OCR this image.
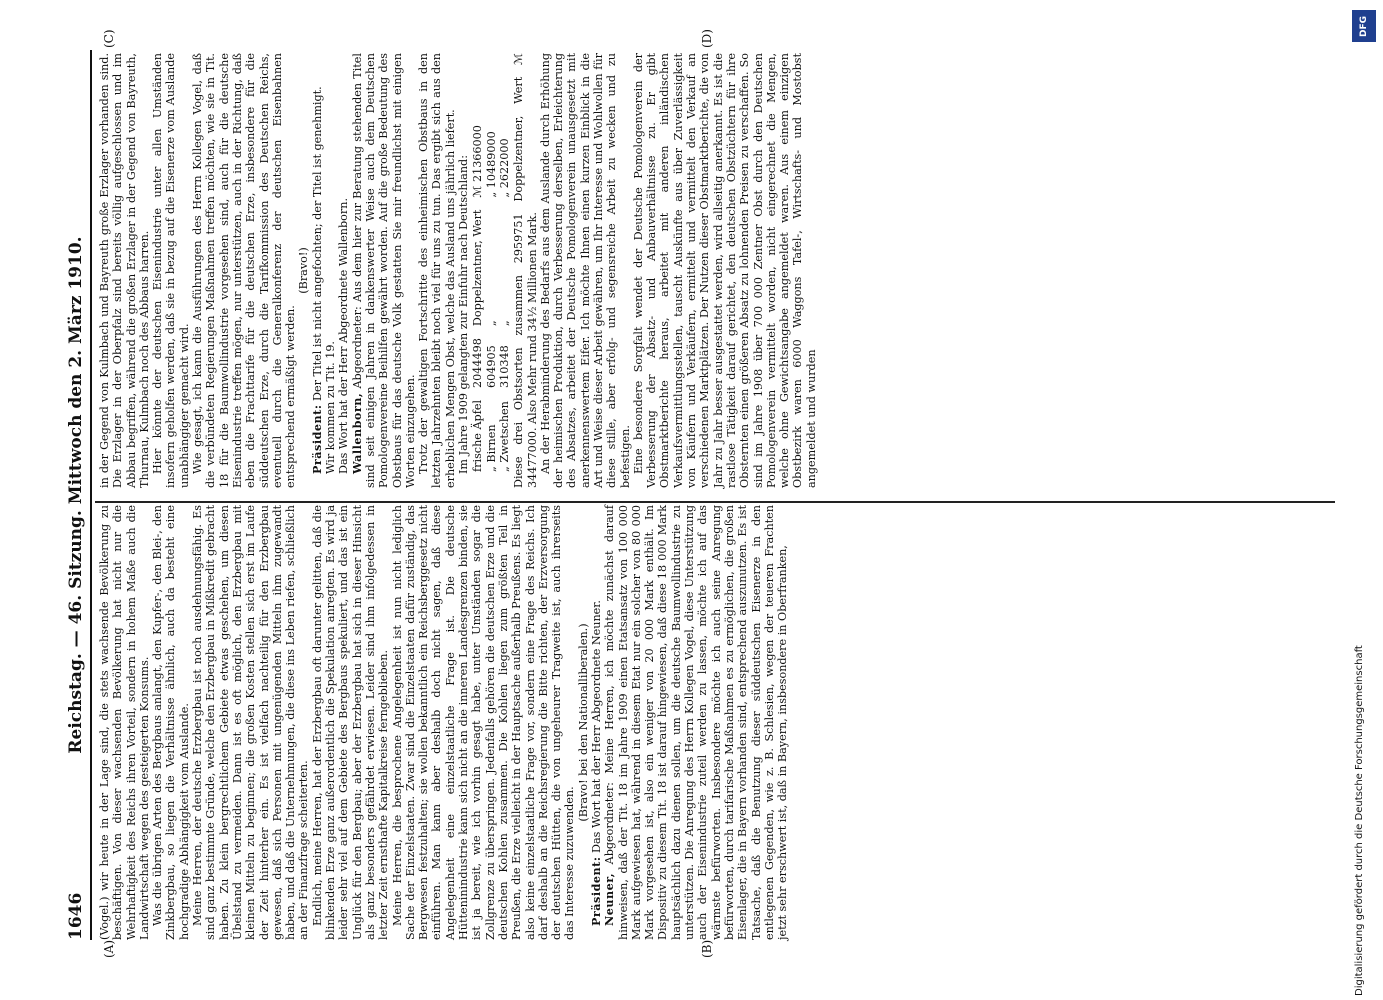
1646
Reichstag. — 46. Sitzung. Mittwoch den 2. März 1910.
(A)	(B)
(C)	(D)

(Vogel.) wir heute in der Lage sind, die stets wachsende Bevölkerung zu beschäftigen. Von dieser wachsenden Bevölkerung hat nicht nur die Wehrhaftigkeit des Reichs ihren Vorteil, sondern in hohem Maße auch die Landwirtschaft wegen des gesteigerten Konsums. Was die übrigen Arten des Bergbaus anlangt, den Kupfer-, den Blei-, den Zinkbergbau, so liegen die Verhältnisse ähnlich, auch da besteht eine hochgradige Abhängigkeit vom Auslande. Meine Herren, der deutsche Erzbergbau ist noch ausdehnungsfähig. Es sind ganz bestimmte Gründe, welche den Erzbergbau in Mißkredit gebracht haben. Zu klein bergrechtlichem Gebiete etwas geschehen, um diesen Übelstand zu vermeiden. Dann ist es oft möglich, den Erzbergbau mit kleinen Mitteln zu beginnen; die großen Kosten stellen sich erst im Laufe der Zeit hinterher ein. Es ist vielfach nachteilig für den Erzbergbau gewesen, daß sich Personen mit ungenügenden Mitteln ihm zugewandt haben, und daß die Unternehmungen, die diese ins Leben riefen, schließlich an der Finanzfrage scheiterten. Endlich, meine Herren, hat der Erzbergbau oft darunter gelitten, daß die blinkenden Erze ganz außerordentlich die Spekulation anregten. Es wird ja leider sehr viel auf dem Gebiete des Bergbaus spekuliert, und das ist ein Unglück für den Bergbau; aber der Erzbergbau hat sich in dieser Hinsicht als ganz besonders gefährdet erwiesen. Leider sind ihm infolgedessen in letzter Zeit ernsthafte Kapitalkreise ferngeblieben. Meine Herren, die besprochene Angelegenheit ist nun nicht lediglich Sache der Einzelstaaten. Zwar sind die Einzelstaaten dafür zuständig, das Bergwesen festzuhalten; sie wollen bekanntlich ein Reichsberggesetz nicht einführen. Man kann aber deshalb doch nicht sagen, daß diese Angelegenheit eine einzelstaatliche Frage ist. Die deutsche Hütteninindustrie kann sich nicht an die inneren Landesgrenzen binden, sie ist ja bereit, wie ich vorhin gesagt habe, unter Umständen sogar die Zollgrenze zu überspringen. Jedenfalls gehören die deutschen Erze und die deutschen Kohlen zusammen. Die Kohlen liegen zum größten Teil in Preußen, die Erze vielleicht in der Hauptsache außerhalb Preußens. Es liegt also keine einzelstaatliche Frage vor, sondern eine Frage des Reichs. Ich darf deshalb an die Reichsregierung die Bitte richten, der Erzversorgung der deutschen Hütten, die von ungeheurer Tragweite ist, auch ihrerseits das Interesse zuzuwenden.

(Bravo! bei den Nationalliberalen.)

Präsident: Das Wort hat der Herr Abgeordnete Neuner.

Neuner, Abgeordneter: Meine Herren, ich möchte zunächst darauf hinweisen, daß der Tit. 18 im Jahre 1909 einen Etatsansatz von 100 000 Mark aufgewiesen hat, während in diesem Etat nur ein solcher von 80 000 Mark vorgesehen ist, also ein weniger von 20 000 Mark enthält. Im Dispositiv zu diesem Tit. 18 ist darauf hingewiesen, daß diese 18 000 Mark hauptsächlich dazu dienen sollen, um die deutsche Baumwollindustrie zu unterstützen. Die Anregung des Herrn Kollegen Vogel, diese Unterstützung auch der Eisenindustrie zuteil werden zu lassen, möchte ich auf das wärmste befürworten. Insbesondere möchte ich auch seine Anregung befürworten, durch tarifarische Maßnahmen es zu ermöglichen, die großen Eisenlager, die in Bayern vorhanden sind, entsprechend auszunutzen. Es ist Tatsache, daß die Benutzung dieser süddeutschen Eisenerze in den entlegenen Gegenden, wie z. B. Schlesien, wegen der teueren Frachten jetzt sehr erschwert ist, daß in Bayern, insbesondere in Oberfranken,

in der Gegend von Kulmbach und Bayreuth große Erzlager vorhanden sind. Die Erzlager in der Oberpfalz sind bereits völlig aufgeschlossen und im Abbau begriffen, während die großen Erzlager in der Gegend von Bayreuth, Thurnau, Kulmbach noch des Abbaus harren. Hier könnte der deutschen Eisenindustrie unter allen Umständen insofern geholfen werden, daß sie in bezug auf die Eisenerze vom Auslande unabhängiger gemacht wird. Wie gesagt, ich kann die Ausführungen des Herrn Kollegen Vogel, daß die verbündeten Regierungen Maßnahmen treffen möchten, wie sie in Tit. 18 für die Baumwollindustrie vorgesehen sind, auch für die deutsche Eisenindustrie treffen mögen, nur unterstützen, auch in der Richtung, daß eben die Frachttarife für die deutschen Erze, insbesondere für die süddeutschen Erze, durch die Tarifkommission des Deutschen Reichs, eventuell durch die Generalkonferenz der deutschen Eisenbahnen entsprechend ermäßigt werden.

(Bravo!)

Präsident: Der Titel ist nicht angefochten; der Titel ist genehmigt.

Wir kommen zu Tit. 19. Das Wort hat der Herr Abgeordnete Wallenborn. Wallenborn, Abgeordneter: Aus dem hier zur Beratung stehenden Titel sind seit einigen Jahren in dankenswerter Weise auch dem Deutschen Pomologenvereine Beihilfen gewährt worden. Auf die große Bedeutung des Obstbaus für das deutsche Volk gestatten Sie mir freundlichst mit einigen Worten einzugehen. Trotz der gewaltigen Fortschritte des einheimischen Obstbaus in den letzten Jahrzehnten bleibt noch viel für uns zu tun. Das ergibt sich aus den erheblichen Mengen Obst, welche das Ausland uns jährlich liefert. Im Jahre 1909 gelangten zur Einfuhr nach Deutschland: frische Äpfel	2044498	Doppelzentner, Wert	ℳ 21366000
„ Birnen	604905	„	„ 10489000
„ Zwetschen	310348	„	„ 2622000 Diese drei Obstsorten zusammen 2959751 Doppelzentner, Wert ℳ 34477000. Also Mehr rund 34½ Millionen Mark. An der Herabminderung des Bedarfs aus dem Auslande durch Erhöhung der heimischen Produktion, durch Verbesserung derselben, Erleichterung des Absatzes, arbeitet der Deutsche Pomologenverein unausgesetzt mit anerkennenswertem Eifer. Ich möchte Ihnen einen kurzen Einblick in die Art und Weise dieser Arbeit gewähren, um Ihr Interesse und Wohlwollen für diese stille, aber erfolg- und segensreiche Arbeit zu wecken und zu befestigen. Eine besondere Sorgfalt wendet der Deutsche Pomologenverein der Verbesserung der Absatz- und Anbauverhältnisse zu. Er gibt Obstmarktberichte heraus, arbeitet mit anderen inländischen Verkaufsvermittlungsstellen, tauscht Auskünfte aus über Zuverlässigkeit von Käufern und Verkäufern, ermittelt und vermittelt den Verkauf an verschiedenen Marktplätzen. Der Nutzen dieser Obstmarktberichte, die von Jahr zu Jahr besser ausgestattet werden, wird allseitig anerkannt. Es ist die rastlose Tätigkeit darauf gerichtet, den deutschen Obstzüchtern für ihre Obsternten einen größeren Absatz zu lohnenden Preisen zu verschaffen. So sind im Jahre 1908 über 700 000 Zentner Obst durch den Deutschen Pomologenverein vermittelt worden, nicht eingerechnet die Mengen, welche ohne Gewichtsangabe angemeldet waren. Aus einem einzigen Obstbezirk waren 6000 Waggons Tafel-, Wirtschafts- und Mostobst angemeldet und wurden

DFG
Digitalisierung gefördert durch die Deutsche Forschungsgemeinschaft
